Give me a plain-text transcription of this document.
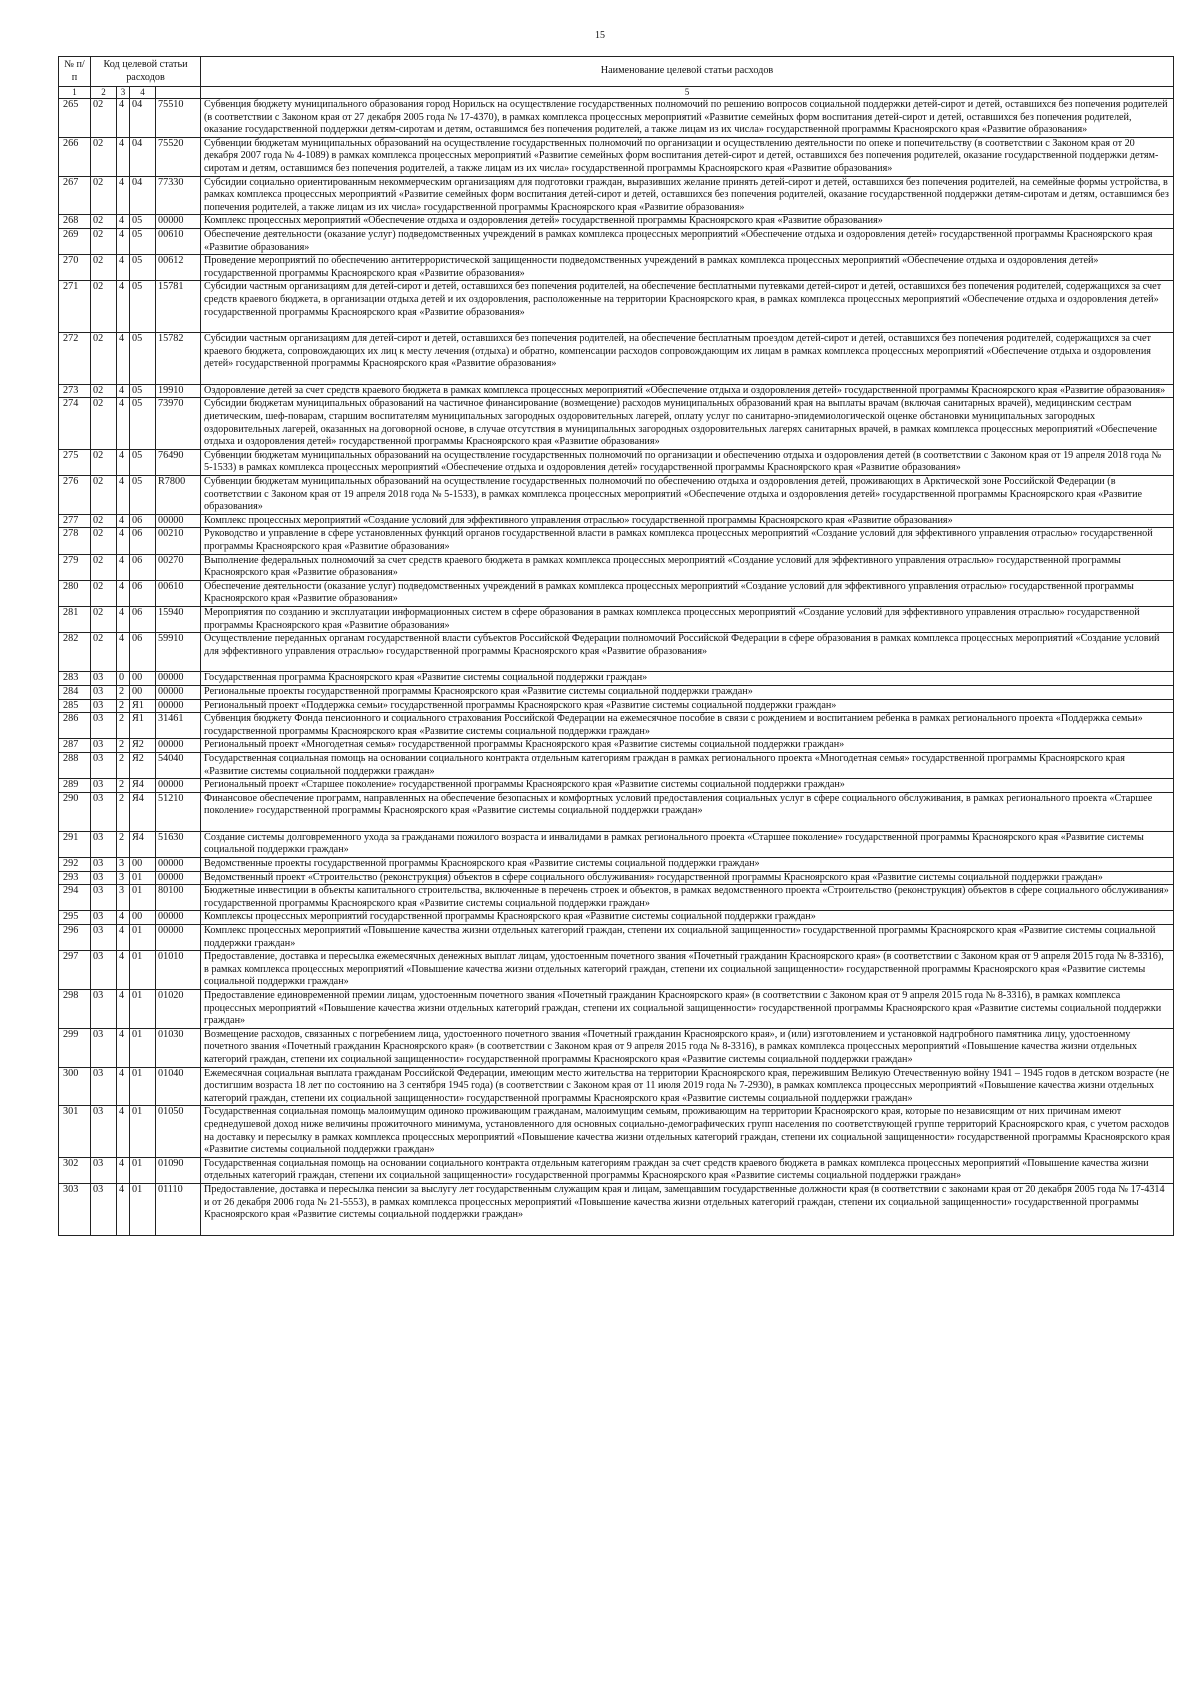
15
№ п/п	Код целевой статьи расходов				Наименование целевой статьи расходов

1	2	3	4		5
265	02	4	04	75510	Субвенция бюджету муниципального образования город Норильск на осуществление государственных полномочий по решению вопросов социальной поддержки детей-сирот и детей, оставшихся без попечения родителей (в соответствии с Законом края от 27 декабря 2005 года № 17-4370), в рамках комплекса процессных мероприятий «Развитие семейных форм воспитания детей-сирот и детей, оставшихся без попечения родителей, оказание государственной поддержки детям-сиротам и детям, оставшимся без попечения родителей, а также лицам из их числа» государственной программы Красноярского края «Развитие образования»
266	02	4	04	75520	Субвенции бюджетам муниципальных образований на осуществление государственных полномочий по организации и осуществлению деятельности по опеке и попечительству (в соответствии с Законом края от 20 декабря 2007 года № 4-1089) в рамках комплекса процессных мероприятий «Развитие семейных форм воспитания детей-сирот и детей, оставшихся без попечения родителей, оказание государственной поддержки детям-сиротам и детям, оставшимся без попечения родителей, а также лицам из их числа» государственной программы Красноярского края «Развитие образования»
267	02	4	04	77330	Субсидии социально ориентированным некоммерческим организациям для подготовки граждан, выразивших желание принять детей-сирот и детей, оставшихся без попечения родителей, на семейные формы устройства, в рамках комплекса процессных мероприятий «Развитие семейных форм воспитания детей-сирот и детей, оставшихся без попечения родителей, оказание государственной поддержки детям-сиротам и детям, оставшимся без попечения родителей, а также лицам из их числа» государственной программы Красноярского края «Развитие образования»
268	02	4	05	00000	Комплекс процессных мероприятий «Обеспечение отдыха и оздоровления детей» государственной программы Красноярского края «Развитие образования»
269	02	4	05	00610	Обеспечение деятельности (оказание услуг) подведомственных учреждений в рамках комплекса процессных мероприятий «Обеспечение отдыха и оздоровления детей» государственной программы Красноярского края «Развитие образования»
270	02	4	05	00612	Проведение мероприятий по обеспечению антитеррористической защищенности подведомственных учреждений в рамках комплекса процессных мероприятий «Обеспечение отдыха и оздоровления детей» государственной программы Красноярского края «Развитие образования»
271	02	4	05	15781	Субсидии частным организациям для детей-сирот и детей, оставшихся без попечения родителей, на обеспечение бесплатными путевками детей-сирот и детей, оставшихся без попечения родителей, содержащихся за счет средств краевого бюджета, в организации отдыха детей и их оздоровления, расположенные на территории Красноярского края, в рамках комплекса процессных мероприятий «Обеспечение отдыха и оздоровления детей» государственной программы Красноярского края «Развитие образования»
272	02	4	05	15782	Субсидии частным организациям для детей-сирот и детей, оставшихся без попечения родителей, на обеспечение бесплатным проездом детей-сирот и детей, оставшихся без попечения родителей, содержащихся за счет краевого бюджета, сопровождающих их лиц к месту лечения (отдыха) и обратно, компенсации расходов сопровождающим их лицам в рамках комплекса процессных мероприятий «Обеспечение отдыха и оздоровления детей» государственной программы Красноярского края «Развитие образования»
273	02	4	05	19910	Оздоровление детей за счет средств краевого бюджета в рамках комплекса процессных мероприятий «Обеспечение отдыха и оздоровления детей» государственной программы Красноярского края «Развитие образования»
274	02	4	05	73970	Субсидии бюджетам муниципальных образований на частичное финансирование (возмещение) расходов муниципальных образований края на выплаты врачам (включая санитарных врачей), медицинским сестрам диетическим, шеф-поварам, старшим воспитателям муниципальных загородных оздоровительных лагерей, оплату услуг по санитарно-эпидемиологической оценке обстановки муниципальных загородных оздоровительных лагерей, оказанных на договорной основе, в случае отсутствия в муниципальных загородных оздоровительных лагерях санитарных врачей, в рамках комплекса процессных мероприятий «Обеспечение отдыха и оздоровления детей» государственной программы Красноярского края «Развитие образования»
275	02	4	05	76490	Субвенции бюджетам муниципальных образований на осуществление государственных полномочий по организации и обеспечению отдыха и оздоровления детей (в соответствии с Законом края от 19 апреля 2018 года № 5-1533) в рамках комплекса процессных мероприятий «Обеспечение отдыха и оздоровления детей» государственной программы Красноярского края «Развитие образования»
276	02	4	05	R7800	Субвенции бюджетам муниципальных образований на осуществление государственных полномочий по обеспечению отдыха и оздоровления детей, проживающих в Арктической зоне Российской Федерации (в соответствии с Законом края от 19 апреля 2018 года № 5-1533), в рамках комплекса процессных мероприятий «Обеспечение отдыха и оздоровления детей» государственной программы Красноярского края «Развитие образования»
277	02	4	06	00000	Комплекс процессных мероприятий «Создание условий для эффективного управления отраслью» государственной программы Красноярского края «Развитие образования»
278	02	4	06	00210	Руководство и управление в сфере установленных функций органов государственной власти в рамках комплекса процессных мероприятий «Создание условий для эффективного управления отраслью» государственной программы Красноярского края «Развитие образования»
279	02	4	06	00270	Выполнение федеральных полномочий за счет средств краевого бюджета в рамках комплекса процессных мероприятий «Создание условий для эффективного управления отраслью» государственной программы Красноярского края «Развитие образования»
280	02	4	06	00610	Обеспечение деятельности (оказание услуг) подведомственных учреждений в рамках комплекса процессных мероприятий «Создание условий для эффективного управления отраслью» государственной программы Красноярского края «Развитие образования»
281	02	4	06	15940	Мероприятия по созданию и эксплуатации информационных систем в сфере образования в рамках комплекса процессных мероприятий «Создание условий для эффективного управления отраслью» государственной программы Красноярского края «Развитие образования»
282	02	4	06	59910	Осуществление переданных органам государственной власти субъектов Российской Федерации полномочий Российской Федерации в сфере образования в рамках комплекса процессных мероприятий «Создание условий для эффективного управления отраслью» государственной программы Красноярского края «Развитие образования»
283	03	0	00	00000	Государственная программа Красноярского края «Развитие системы социальной поддержки граждан»
284	03	2	00	00000	Региональные проекты государственной программы Красноярского края «Развитие системы социальной поддержки граждан»
285	03	2	Я1	00000	Региональный проект «Поддержка семьи» государственной программы Красноярского края «Развитие системы социальной поддержки граждан»
286	03	2	Я1	31461	Субвенция бюджету Фонда пенсионного и социального страхования Российской Федерации на ежемесячное пособие в связи с рождением и воспитанием ребенка в рамках регионального проекта «Поддержка семьи» государственной программы Красноярского края «Развитие системы социальной поддержки граждан»
287	03	2	Я2	00000	Региональный проект «Многодетная семья» государственной программы Красноярского края «Развитие системы социальной поддержки граждан»
288	03	2	Я2	54040	Государственная социальная помощь на основании социального контракта отдельным категориям граждан в рамках регионального проекта «Многодетная семья» государственной программы Красноярского края «Развитие системы социальной поддержки граждан»
289	03	2	Я4	00000	Региональный проект «Старшее поколение» государственной программы Красноярского края «Развитие системы социальной поддержки граждан»
290	03	2	Я4	51210	Финансовое обеспечение программ, направленных на обеспечение безопасных и комфортных условий предоставления социальных услуг в сфере социального обслуживания, в рамках регионального проекта «Старшее поколение» государственной программы Красноярского края «Развитие системы социальной поддержки граждан»
291	03	2	Я4	51630	Создание системы долговременного ухода за гражданами пожилого возраста и инвалидами в рамках регионального проекта «Старшее поколение» государственной программы Красноярского края «Развитие системы социальной поддержки граждан»
292	03	3	00	00000	Ведомственные проекты государственной программы Красноярского края «Развитие системы социальной поддержки граждан»
293	03	3	01	00000	Ведомственный проект «Строительство (реконструкция) объектов в сфере социального обслуживания» государственной программы Красноярского края «Развитие системы социальной поддержки граждан»
294	03	3	01	80100	Бюджетные инвестиции в объекты капитального строительства, включенные в перечень строек и объектов, в рамках ведомственного проекта «Строительство (реконструкция) объектов в сфере социального обслуживания» государственной программы Красноярского края «Развитие системы социальной поддержки граждан»
295	03	4	00	00000	Комплексы процессных мероприятий государственной программы Красноярского края «Развитие системы социальной поддержки граждан»
296	03	4	01	00000	Комплекс процессных мероприятий «Повышение качества жизни отдельных категорий граждан, степени их социальной защищенности» государственной программы Красноярского края «Развитие системы социальной поддержки граждан»
297	03	4	01	01010	Предоставление, доставка и пересылка ежемесячных денежных выплат лицам, удостоенным почетного звания «Почетный гражданин Красноярского края» (в соответствии с Законом края от 9 апреля 2015 года № 8-3316), в рамках комплекса процессных мероприятий «Повышение качества жизни отдельных категорий граждан, степени их социальной защищенности» государственной программы Красноярского края «Развитие системы социальной поддержки граждан»
298	03	4	01	01020	Предоставление единовременной премии лицам, удостоенным почетного звания «Почетный гражданин Красноярского края» (в соответствии с Законом края от 9 апреля 2015 года № 8-3316), в рамках комплекса процессных мероприятий «Повышение качества жизни отдельных категорий граждан, степени их социальной защищенности» государственной программы Красноярского края «Развитие системы социальной поддержки граждан»
299	03	4	01	01030	Возмещение расходов, связанных с погребением лица, удостоенного почетного звания «Почетный гражданин Красноярского края», и (или) изготовлением и установкой надгробного памятника лицу, удостоенному почетного звания «Почетный гражданин Красноярского края» (в соответствии с Законом края от 9 апреля 2015 года № 8-3316), в рамках комплекса процессных мероприятий «Повышение качества жизни отдельных категорий граждан, степени их социальной защищенности» государственной программы Красноярского края «Развитие системы социальной поддержки граждан»
300	03	4	01	01040	Ежемесячная социальная выплата гражданам Российской Федерации, имеющим место жительства на территории Красноярского края, пережившим Великую Отечественную войну 1941 – 1945 годов в детском возрасте (не достигшим возраста 18 лет по состоянию на 3 сентября 1945 года) (в соответствии с Законом края от 11 июля 2019 года № 7-2930), в рамках комплекса процессных мероприятий «Повышение качества жизни отдельных категорий граждан, степени их социальной защищенности» государственной программы Красноярского края «Развитие системы социальной поддержки граждан»
301	03	4	01	01050	Государственная социальная помощь малоимущим одиноко проживающим гражданам, малоимущим семьям, проживающим на территории Красноярского края, которые по независящим от них причинам имеют среднедушевой доход ниже величины прожиточного минимума, установленного для основных социально-демографических групп населения по соответствующей группе территорий Красноярского края, с учетом расходов на доставку и пересылку в рамках комплекса процессных мероприятий «Повышение качества жизни отдельных категорий граждан, степени их социальной защищенности» государственной программы Красноярского края «Развитие системы социальной поддержки граждан»
302	03	4	01	01090	Государственная социальная помощь на основании социального контракта отдельным категориям граждан за счет средств краевого бюджета в рамках комплекса процессных мероприятий «Повышение качества жизни отдельных категорий граждан, степени их социальной защищенности» государственной программы Красноярского края «Развитие системы социальной поддержки граждан»
303	03	4	01	01110	Предоставление, доставка и пересылка пенсии за выслугу лет государственным служащим края и лицам, замещавшим государственные должности края (в соответствии с законами края от 20 декабря 2005 года № 17-4314 и от 26 декабря 2006 года № 21-5553), в рамках комплекса процессных мероприятий «Повышение качества жизни отдельных категорий граждан, степени их социальной защищенности» государственной программы Красноярского края «Развитие системы социальной поддержки граждан»
